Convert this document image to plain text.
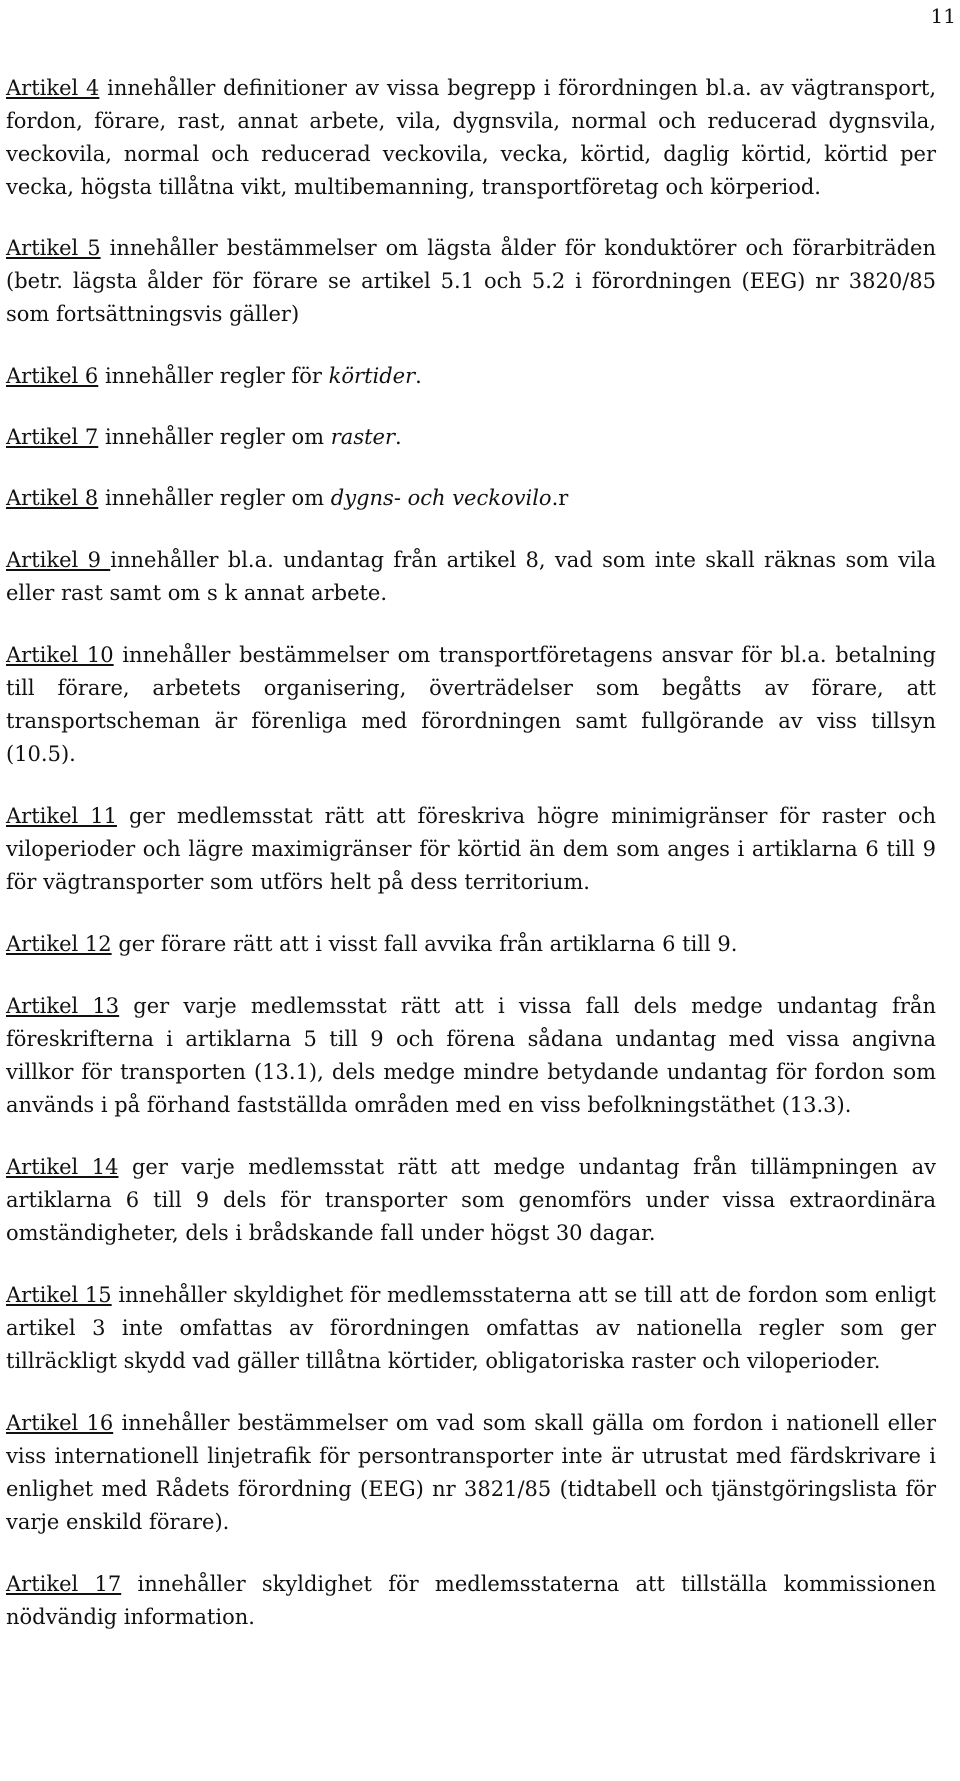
11

Artikel 4 innehåller definitioner av vissa begrepp i förordningen bl.a. av vägtransport, fordon, förare, rast, annat arbete, vila, dygnsvila, normal och reducerad dygnsvila, veckovila, normal och reducerad veckovila, vecka, körtid, daglig körtid, körtid per vecka, högsta tillåtna vikt, multibemanning, transportföretag och körperiod.

Artikel 5 innehåller bestämmelser om lägsta ålder för konduktörer och förarbiträden (betr. lägsta ålder för förare se artikel 5.1 och 5.2 i förordningen (EEG) nr 3820/85 som fortsättningsvis gäller)

Artikel 6 innehåller regler för körtider.

Artikel 7 innehåller regler om raster.

Artikel 8 innehåller regler om dygns- och veckovilo.r

Artikel 9 innehåller bl.a. undantag från artikel 8, vad som inte skall räknas som vila eller rast samt om s k annat arbete.

Artikel 10 innehåller bestämmelser om transportföretagens ansvar för bl.a. betalning till förare, arbetets organisering, överträdelser som begåtts av förare, att transportscheman är förenliga med förordningen samt fullgörande av viss tillsyn (10.5).

Artikel 11 ger medlemsstat rätt att föreskriva högre minimigränser för raster och viloperioder och lägre maximigränser för körtid än dem som anges i artiklarna 6 till 9 för vägtransporter som utförs helt på dess territorium.

Artikel 12 ger förare rätt att i visst fall avvika från artiklarna 6 till 9.

Artikel 13 ger varje medlemsstat rätt att i vissa fall dels medge undantag från föreskrifterna i artiklarna 5 till 9 och förena sådana undantag med vissa angivna villkor för transporten (13.1), dels medge mindre betydande undantag för fordon som används i på förhand fastställda områden med en viss befolkningstäthet (13.3).

Artikel 14 ger varje medlemsstat rätt att medge undantag från tillämpningen av artiklarna 6 till 9 dels för transporter som genomförs under vissa extraordinära omständigheter, dels i brådskande fall under högst 30 dagar.

Artikel 15 innehåller skyldighet för medlemsstaterna att se till att de fordon som enligt artikel 3 inte omfattas av förordningen omfattas av nationella regler som ger tillräckligt skydd vad gäller tillåtna körtider, obligatoriska raster och viloperioder.

Artikel 16 innehåller bestämmelser om vad som skall gälla om fordon i nationell eller viss internationell linjetrafik för persontransporter inte är utrustat med färdskrivare i enlighet med Rådets förordning (EEG) nr 3821/85 (tidtabell och tjänstgöringslista för varje enskild förare).

Artikel 17 innehåller skyldighet för medlemsstaterna att tillställa kommissionen nödvändig information.
